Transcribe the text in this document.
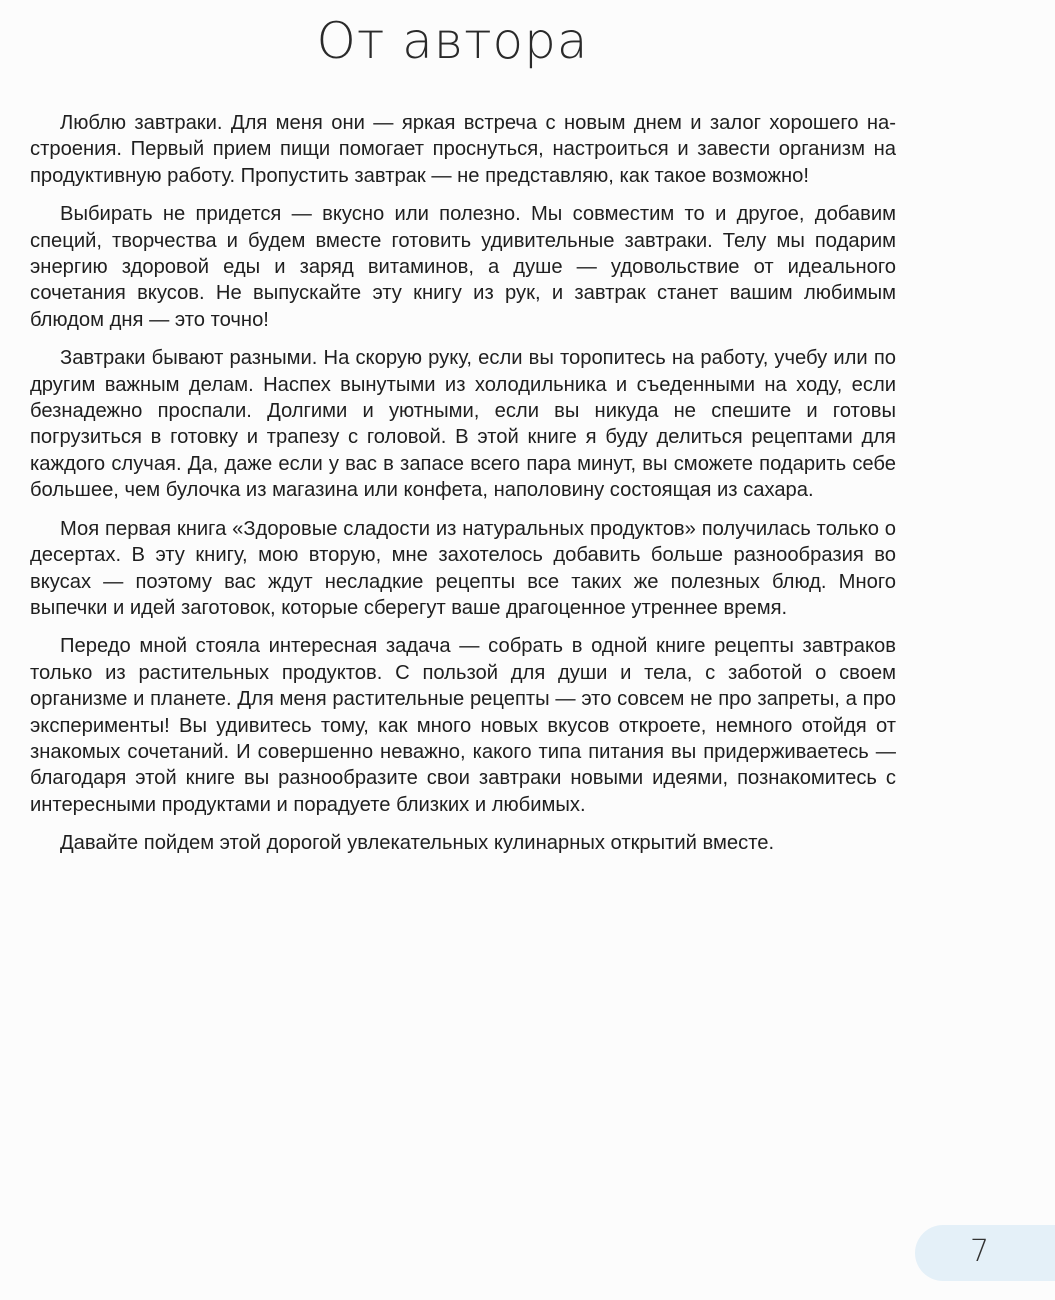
От автора

Люблю завтраки. Для меня они — яркая встреча с новым днем и залог хорошего настроения. Первый прием пищи помогает проснуться, настроиться и завести организм на продуктивную работу. Пропустить завтрак — не представляю, как такое возможно!

Выбирать не придется — вкусно или полезно. Мы совместим то и другое, добавим специй, творчества и будем вместе готовить удивительные завтраки. Телу мы подарим энергию здоровой еды и заряд витаминов, а душе — удовольствие от идеального сочетания вкусов. Не выпускайте эту книгу из рук, и завтрак станет вашим любимым блюдом дня — это точно!

Завтраки бывают разными. На скорую руку, если вы торопитесь на работу, учебу или по другим важным делам. Наспех вынутыми из холодильника и съеденными на ходу, если безнадежно проспали. Долгими и уютными, если вы никуда не спешите и готовы погрузиться в готовку и трапезу с головой. В этой книге я буду делиться рецептами для каждого случая. Да, даже если у вас в запасе всего пара минут, вы сможете подарить себе большее, чем булочка из магазина или конфета, наполовину состоящая из сахара.

Моя первая книга «Здоровые сладости из натуральных продуктов» получилась только о десертах. В эту книгу, мою вторую, мне захотелось добавить больше разнообразия во вкусах — поэтому вас ждут несладкие рецепты все таких же полезных блюд. Много выпечки и идей заготовок, которые сберегут ваше драгоценное утреннее время.

Передо мной стояла интересная задача — собрать в одной книге рецепты завтраков только из растительных продуктов. С пользой для души и тела, с заботой о своем организме и планете. Для меня растительные рецепты — это совсем не про запреты, а про эксперименты! Вы удивитесь тому, как много новых вкусов откроете, немного отойдя от знакомых сочетаний. И совершенно неважно, какого типа питания вы придерживаетесь — благодаря этой книге вы разнообразите свои завтраки новыми идеями, познакомитесь с интересными продуктами и порадуете близких и любимых.

Давайте пойдем этой дорогой увлекательных кулинарных открытий вместе.

7
